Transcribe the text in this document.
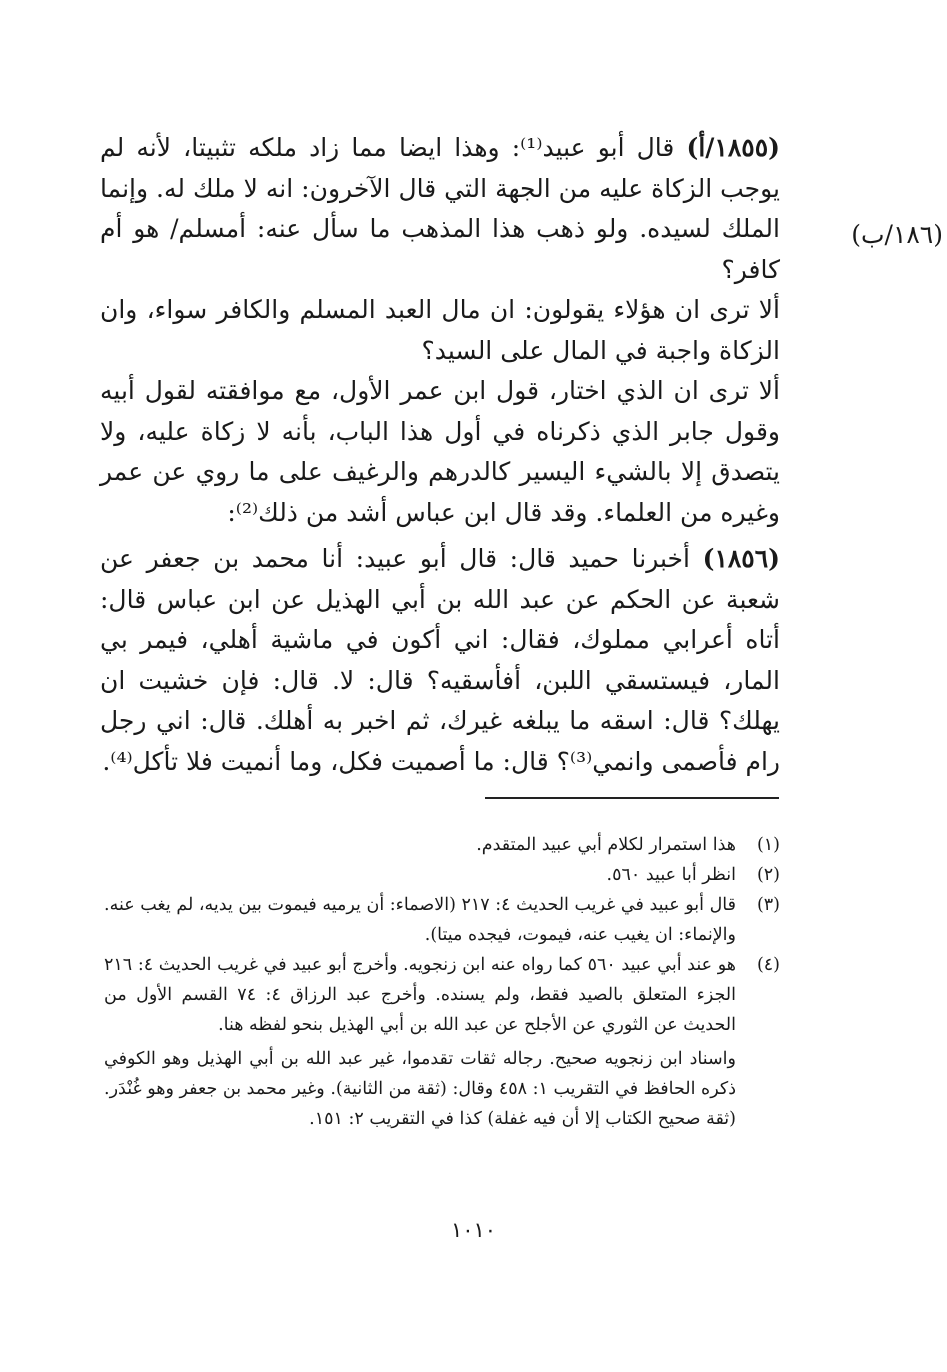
(١٨٦/ب)

(١٨٥٥/أ) قال أبو عبيد⁽¹⁾: وهذا ايضا مما زاد ملكه تثبيتا، لأنه لم يوجب الزكاة عليه من الجهة التي قال الآخرون: انه لا ملك له. وإنما الملك لسيده. ولو ذهب هذا المذهب ما سأل عنه: أمسلم/ هو أم كافر؟

ألا ترى ان هؤلاء يقولون: ان مال العبد المسلم والكافر سواء، وان الزكاة واجبة في المال على السيد؟

ألا ترى ان الذي اختار، قول ابن عمر الأول، مع موافقته لقول أبيه وقول جابر الذي ذكرناه في أول هذا الباب، بأنه لا زكاة عليه، ولا يتصدق إلا بالشيء اليسير كالدرهم والرغيف على ما روي عن عمر وغيره من العلماء. وقد قال ابن عباس أشد من ذلك⁽²⁾:

(١٨٥٦) أخبرنا حميد قال: قال أبو عبيد: أنا محمد بن جعفر عن شعبة عن الحكم عن عبد الله بن أبي الهذيل عن ابن عباس قال: أتاه أعرابي مملوك، فقال: اني أكون في ماشية أهلي، فيمر بي المار، فيستسقي اللبن، أفأسقيه؟ قال: لا. قال: فإن خشيت ان يهلك؟ قال: اسقه ما يبلغه غيرك، ثم اخبر به أهلك. قال: اني رجل رام فأصمى وانمي⁽³⁾؟ قال: ما أصميت فكل، وما أنميت فلا تأكل⁽⁴⁾.

(١)
هذا استمرار لكلام أبي عبيد المتقدم.
(٢)
انظر أبا عبيد ٥٦٠.
(٣)
قال أبو عبيد في غريب الحديث ٤: ٢١٧ (الاصماء: أن يرميه فيموت بين يديه، لم يغب عنه. والإنماء: ان يغيب عنه، فيموت، فيجده ميتا).
(٤)
هو عند أبي عبيد ٥٦٠ كما رواه عنه ابن زنجويه. وأخرج أبو عبيد في غريب الحديث ٤: ٢١٦ الجزء المتعلق بالصيد فقط، ولم يسنده. وأخرج عبد الرزاق ٤: ٧٤ القسم الأول من الحديث عن الثوري عن الأجلح عن عبد الله بن أبي الهذيل بنحو لفظه هنا.
واسناد ابن زنجويه صحيح. رجاله ثقات تقدموا، غير عبد الله بن أبي الهذيل وهو الكوفي ذكره الحافظ في التقريب ١: ٤٥٨ وقال: (ثقة من الثانية). وغير محمد بن جعفر وهو غُنْدَر. (ثقة صحيح الكتاب إلا أن فيه غفلة) كذا في التقريب ٢: ١٥١.
١٠١٠
